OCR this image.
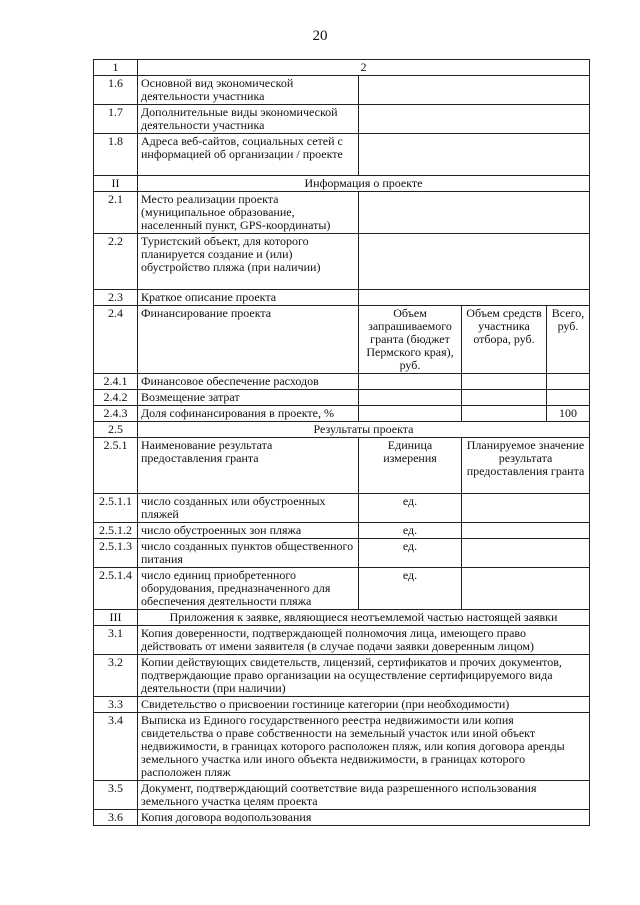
20
1	2			
1.6	Основной вид экономической деятельности участника			
1.7	Дополнительные виды экономической деятельности участника			
1.8	Адреса веб-сайтов, социальных сетей с информацией об организации / проекте			
II	Информация о проекте			
2.1	Место реализации проекта (муниципальное образование, населенный пункт, GPS-координаты)			
2.2	Туристский объект, для которого планируется создание и (или) обустройство пляжа (при наличии)			
2.3	Краткое описание проекта			
2.4	Финансирование проекта	Объем запрашиваемого гранта (бюджет Пермского края), руб.	Объем средств участника отбора, руб.	Всего, руб.
2.4.1	Финансовое обеспечение расходов			
2.4.2	Возмещение затрат			
2.4.3	Доля софинансирования в проекте, %			100
2.5	Результаты проекта			
2.5.1	Наименование результата предоставления гранта	Единица измерения	Планируемое значение результата предоставления гранта	
2.5.1.1	число созданных или обустроенных пляжей	ед.		
2.5.1.2	число обустроенных зон пляжа	ед.		
2.5.1.3	число созданных пунктов общественного питания	ед.		
2.5.1.4	число единиц приобретенного оборудования, предназначенного для обеспечения деятельности пляжа	ед.		
III	Приложения к заявке, являющиеся неотъемлемой частью настоящей заявки			
3.1	Копия доверенности, подтверждающей полномочия лица, имеющего право действовать от имени заявителя (в случае подачи заявки доверенным лицом)			
3.2	Копии действующих свидетельств, лицензий, сертификатов и прочих документов, подтверждающие право организации на осуществление сертифицируемого вида деятельности (при наличии)			
3.3	Свидетельство о присвоении гостинице категории (при необходимости)			
3.4	Выписка из Единого государственного реестра недвижимости или копия свидетельства о праве собственности на земельный участок или иной объект недвижимости, в границах которого расположен пляж, или копия договора аренды земельного участка или иного объекта недвижимости, в границах которого расположен пляж			
3.5	Документ, подтверждающий соответствие вида разрешенного использования земельного участка целям проекта			
3.6	Копия договора водопользования			
